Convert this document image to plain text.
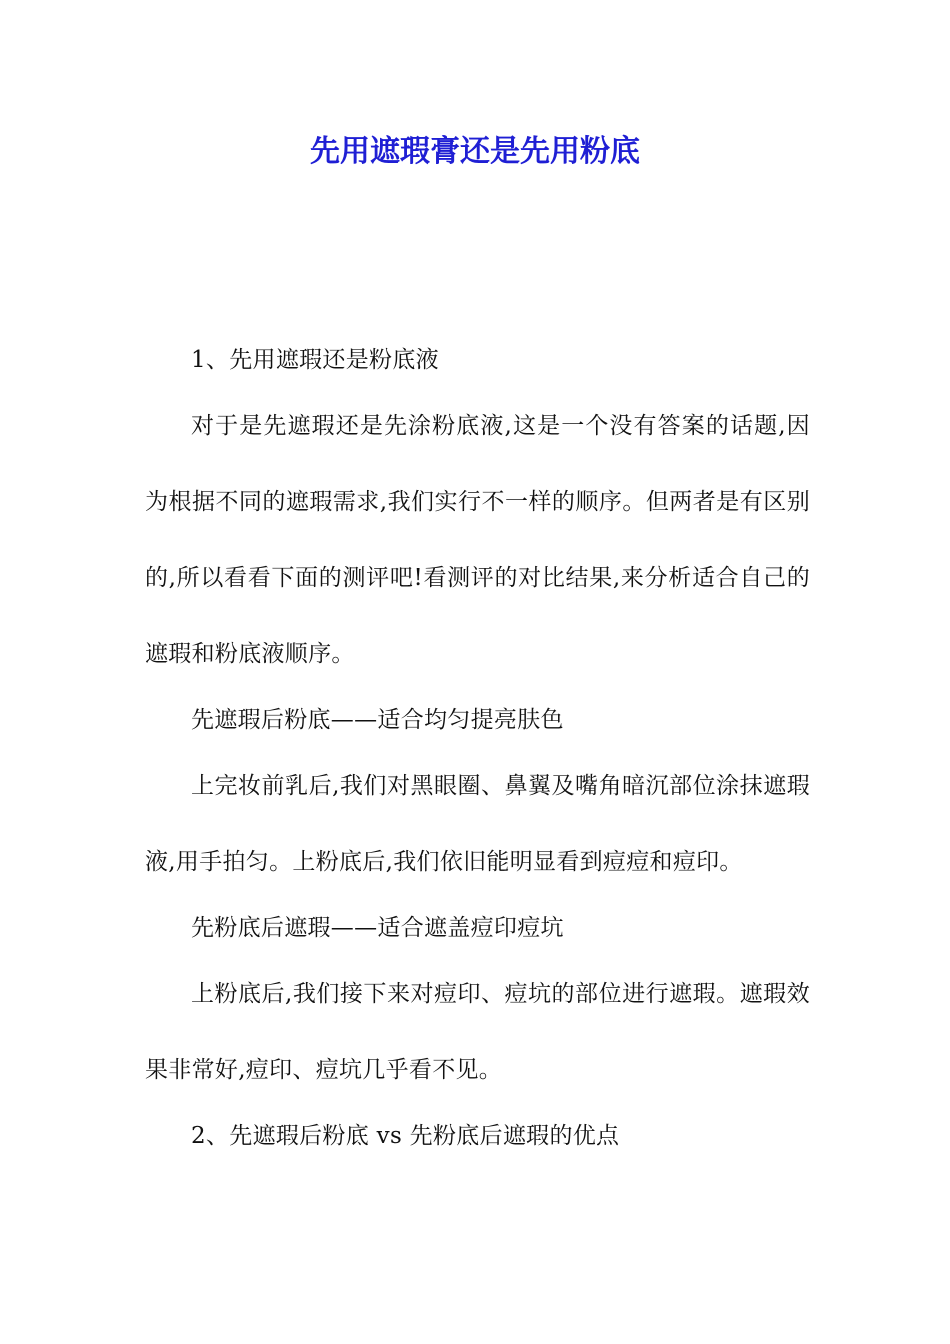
先用遮瑕膏还是先用粉底

1、先用遮瑕还是粉底液

对于是先遮瑕还是先涂粉底液,这是一个没有答案的话题,因为根据不同的遮瑕需求,我们实行不一样的顺序。但两者是有区别的,所以看看下面的测评吧!看测评的对比结果,来分析适合自己的遮瑕和粉底液顺序。

先遮瑕后粉底——适合均匀提亮肤色

上完妆前乳后,我们对黑眼圈、鼻翼及嘴角暗沉部位涂抹遮瑕液,用手拍匀。上粉底后,我们依旧能明显看到痘痘和痘印。

先粉底后遮瑕——适合遮盖痘印痘坑

上粉底后,我们接下来对痘印、痘坑的部位进行遮瑕。遮瑕效果非常好,痘印、痘坑几乎看不见。

2、先遮瑕后粉底 vs 先粉底后遮瑕的优点
